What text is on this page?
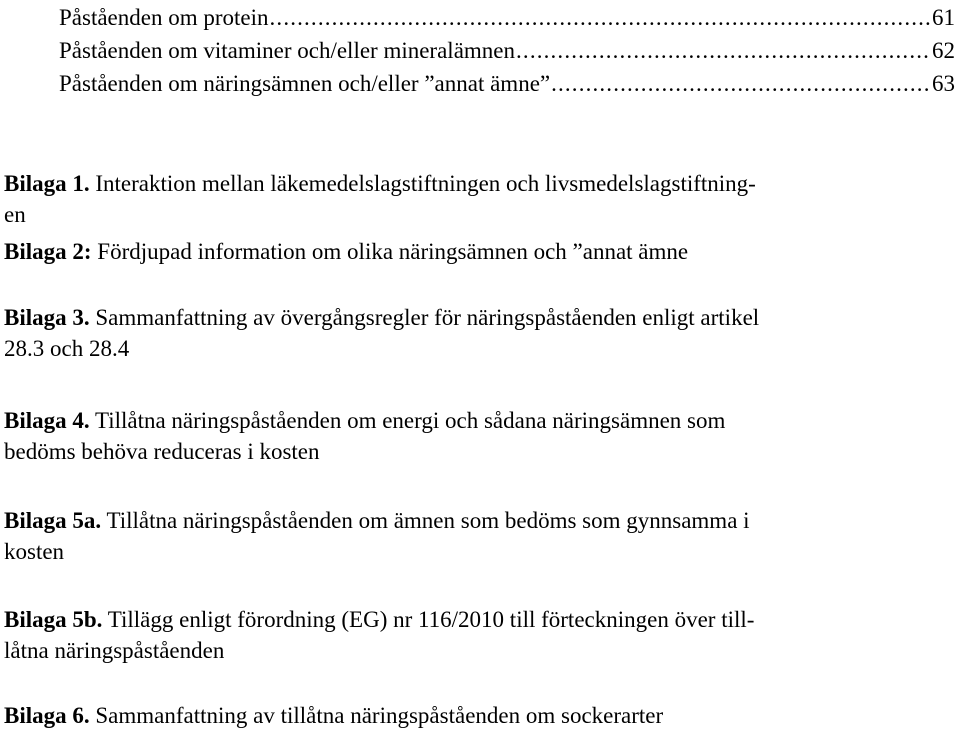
Påståenden om protein . . .	61
Påståenden om vitaminer och/eller mineralämnen . . .	62
Påståenden om näringsämnen och/eller ”annat ämne” . . .	63

Bilaga 1. Interaktion mellan läkemedelslagstiftningen och livsmedelslagstiftning-
en

Bilaga 2: Fördjupad information om olika näringsämnen och ”annat ämne

Bilaga 3. Sammanfattning av övergångsregler för näringspåståenden enligt artikel
28.3 och 28.4

Bilaga 4. Tillåtna näringspåståenden om energi och sådana näringsämnen som
bedöms behöva reduceras i kosten

Bilaga 5a. Tillåtna näringspåståenden om ämnen som bedöms som gynnsamma i
kosten

Bilaga 5b. Tillägg enligt förordning (EG) nr 116/2010 till förteckningen över till-
låtna näringspåståenden

Bilaga 6. Sammanfattning av tillåtna näringspåståenden om sockerarter
